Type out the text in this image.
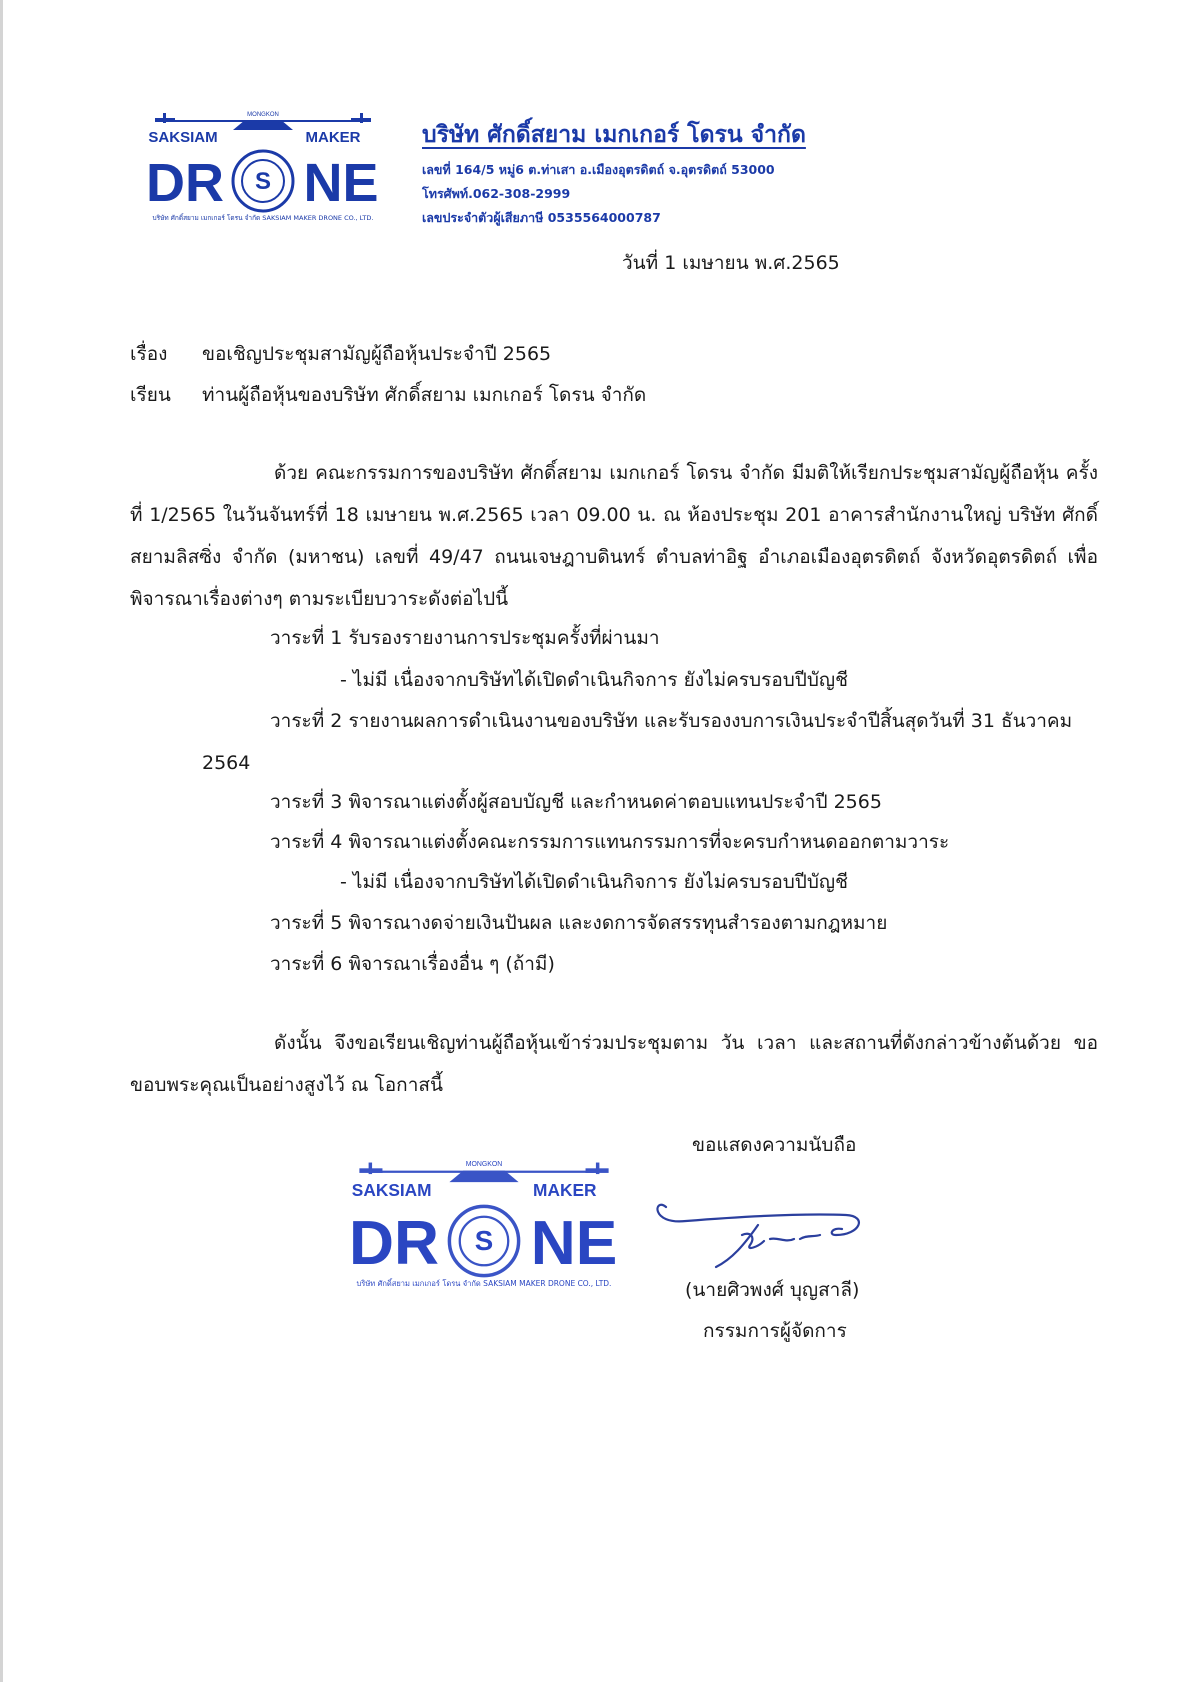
MONGKON
SAKSIAM	MAKER
DR NE
S
บริษัท ศักดิ์สยาม เมกเกอร์ โดรน จำกัด SAKSIAM MAKER DRONE CO., LTD.
บริษัท ศักดิ์สยาม เมกเกอร์ โดรน จำกัด
เลขที่ 164/5 หมู่6 ต.ท่าเสา อ.เมืองอุตรดิตถ์ จ.อุตรดิตถ์ 53000
โทรศัพท์.062-308-2999
เลขประจำตัวผู้เสียภาษี 0535564000787
วันที่ 1 เมษายน พ.ศ.2565
เรื่อง ขอเชิญประชุมสามัญผู้ถือหุ้นประจำปี 2565
เรียน ท่านผู้ถือหุ้นของบริษัท ศักดิ์สยาม เมกเกอร์ โดรน จำกัด

ด้วย คณะกรรมการของบริษัท ศักดิ์สยาม เมกเกอร์ โดรน จำกัด มีมติให้เรียกประชุมสามัญผู้ถือหุ้น ครั้งที่ 1/2565 ในวันจันทร์ที่ 18 เมษายน พ.ศ.2565 เวลา 09.00 น. ณ ห้องประชุม 201 อาคารสำนักงานใหญ่ บริษัท ศักดิ์สยามลิสซิ่ง จำกัด (มหาชน) เลขที่ 49/47 ถนนเจษฎาบดินทร์ ตำบลท่าอิฐ อำเภอเมืองอุตรดิตถ์ จังหวัดอุตรดิตถ์ เพื่อพิจารณาเรื่องต่างๆ ตามระเบียบวาระดังต่อไปนี้

วาระที่ 1 รับรองรายงานการประชุมครั้งที่ผ่านมา
- ไม่มี เนื่องจากบริษัทได้เปิดดำเนินกิจการ ยังไม่ครบรอบปีบัญชี
วาระที่ 2 รายงานผลการดำเนินงานของบริษัท และรับรองงบการเงินประจำปีสิ้นสุดวันที่ 31 ธันวาคม
2564
วาระที่ 3 พิจารณาแต่งตั้งผู้สอบบัญชี และกำหนดค่าตอบแทนประจำปี 2565
วาระที่ 4 พิจารณาแต่งตั้งคณะกรรมการแทนกรรมการที่จะครบกำหนดออกตามวาระ
- ไม่มี เนื่องจากบริษัทได้เปิดดำเนินกิจการ ยังไม่ครบรอบปีบัญชี
วาระที่ 5 พิจารณางดจ่ายเงินปันผล และงดการจัดสรรทุนสำรองตามกฎหมาย
วาระที่ 6 พิจารณาเรื่องอื่น ๆ (ถ้ามี)

ดังนั้น จึงขอเรียนเชิญท่านผู้ถือหุ้นเข้าร่วมประชุมตาม วัน เวลา และสถานที่ดังกล่าวข้างต้นด้วย ขอขอบพระคุณเป็นอย่างสูงไว้ ณ โอกาสนี้

MONGKON
SAKSIAM	MAKER
DR NE
S
บริษัท ศักดิ์สยาม เมกเกอร์ โดรน จำกัด SAKSIAM MAKER DRONE CO., LTD.
ขอแสดงความนับถือ
(นายศิวพงศ์ บุญสาลี)
กรรมการผู้จัดการ
